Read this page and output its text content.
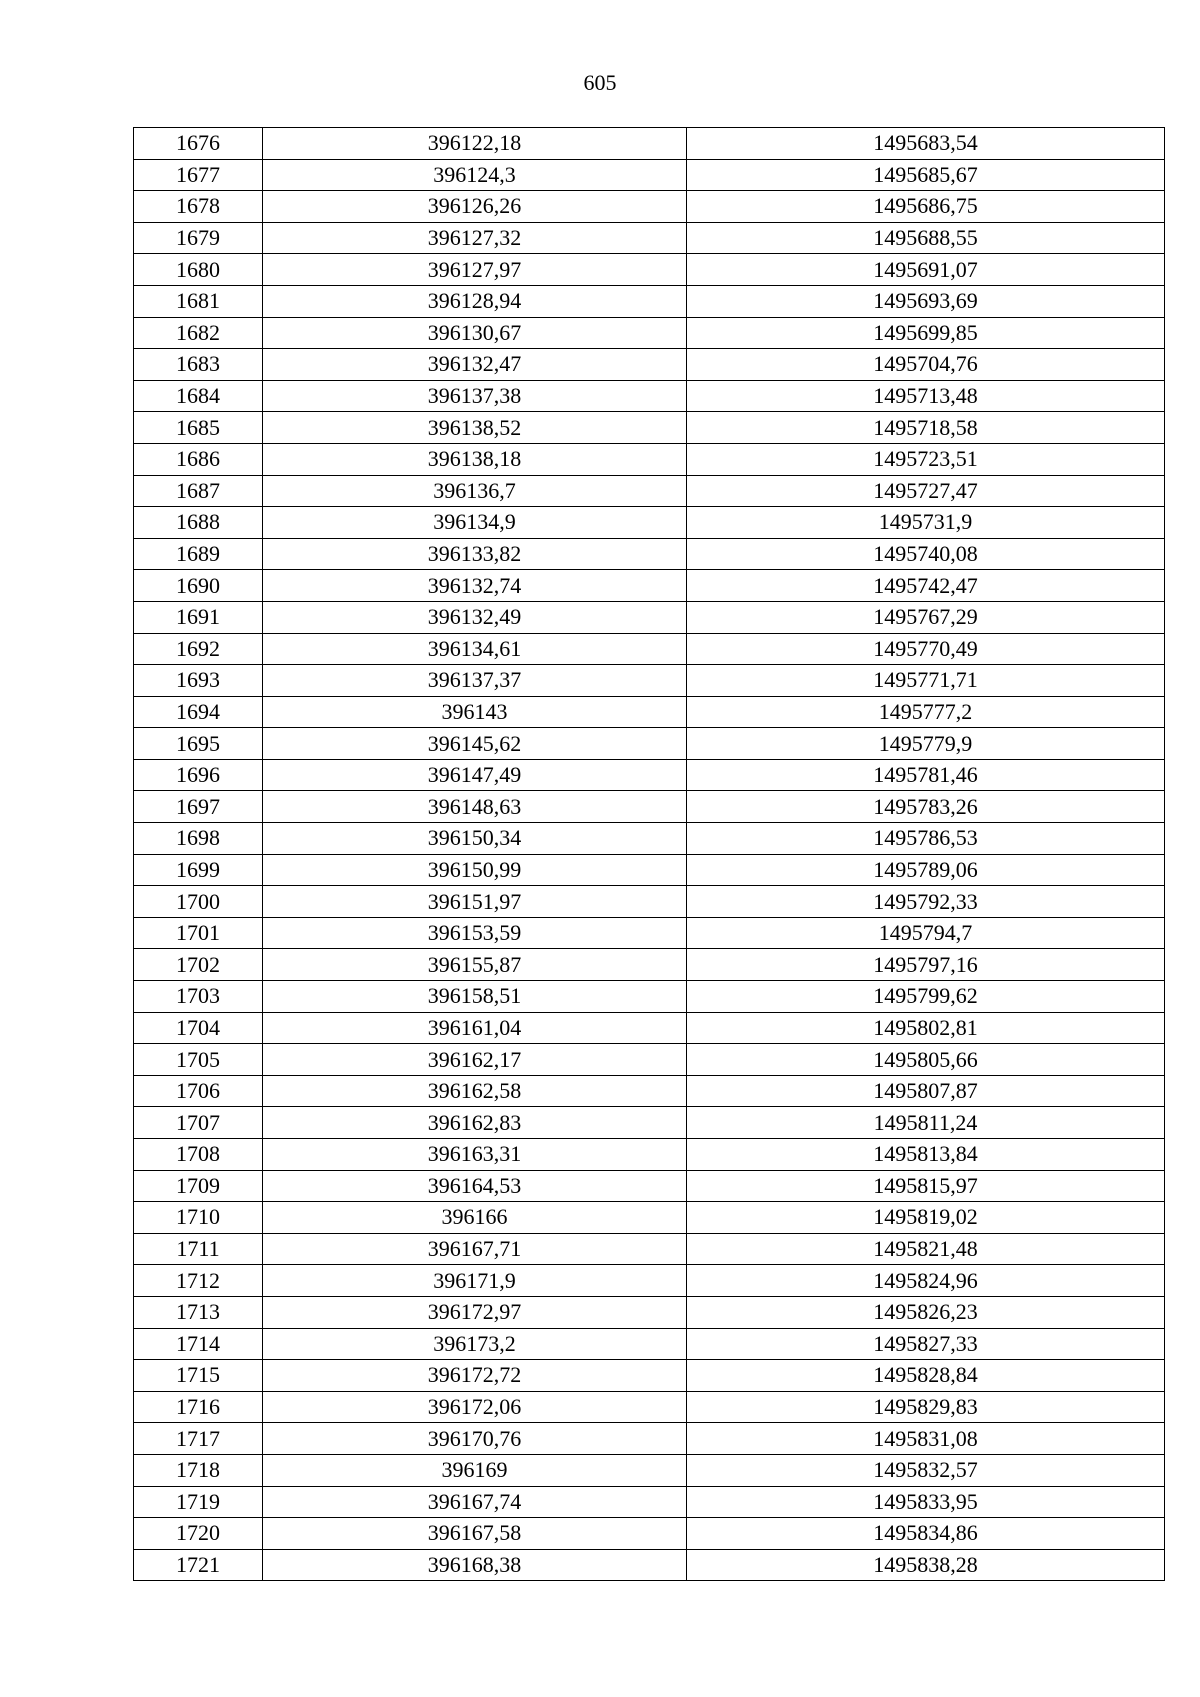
605
1676	396122,18	1495683,54
1677	396124,3	1495685,67
1678	396126,26	1495686,75
1679	396127,32	1495688,55
1680	396127,97	1495691,07
1681	396128,94	1495693,69
1682	396130,67	1495699,85
1683	396132,47	1495704,76
1684	396137,38	1495713,48
1685	396138,52	1495718,58
1686	396138,18	1495723,51
1687	396136,7	1495727,47
1688	396134,9	1495731,9
1689	396133,82	1495740,08
1690	396132,74	1495742,47
1691	396132,49	1495767,29
1692	396134,61	1495770,49
1693	396137,37	1495771,71
1694	396143	1495777,2
1695	396145,62	1495779,9
1696	396147,49	1495781,46
1697	396148,63	1495783,26
1698	396150,34	1495786,53
1699	396150,99	1495789,06
1700	396151,97	1495792,33
1701	396153,59	1495794,7
1702	396155,87	1495797,16
1703	396158,51	1495799,62
1704	396161,04	1495802,81
1705	396162,17	1495805,66
1706	396162,58	1495807,87
1707	396162,83	1495811,24
1708	396163,31	1495813,84
1709	396164,53	1495815,97
1710	396166	1495819,02
1711	396167,71	1495821,48
1712	396171,9	1495824,96
1713	396172,97	1495826,23
1714	396173,2	1495827,33
1715	396172,72	1495828,84
1716	396172,06	1495829,83
1717	396170,76	1495831,08
1718	396169	1495832,57
1719	396167,74	1495833,95
1720	396167,58	1495834,86
1721	396168,38	1495838,28
